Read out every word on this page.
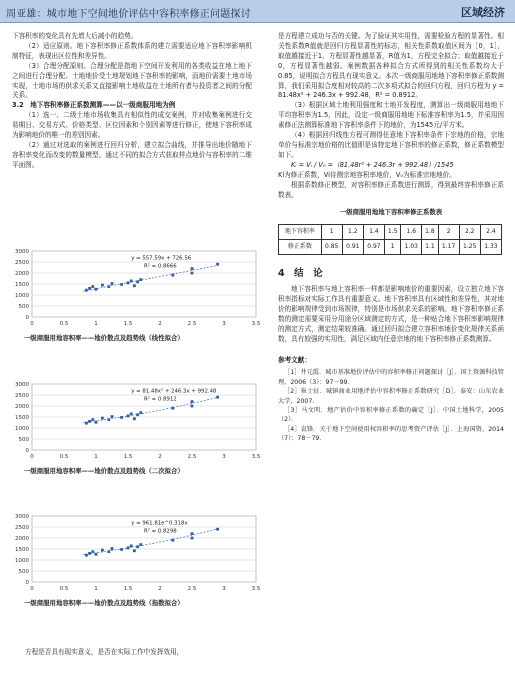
周亚雄：城市地下空间地价评估中容积率修正问题探讨	区域经济

下容积率的变化具有先增大后减小的趋势。

（2）适应原则。地下容积率修正系数体系的建立需要适应地下容积率影响机制特征，表现出区位性和差异性。

（3）合理分配原则。合理分配是指地下空间开发利用的各类收益在地上地下之间进行合理分配。土地地价受土地规划地下容积率的影响，而地价需要土地市场实现，土地市场的供求关系又直接影响土地收益在土地所有者与投资者之间的分配关系。

3.2　地下容积率修正系数测算——以一级商服用地为例

（1）选一、二级土地市场收集具有相似性的成交案例，并对收集案例进行交易期日、交易方式、价格类型、区位因素和个别因素等进行修正，使地下容积率成为影响地价的唯一的差别因素。

（2）通过对选取的案例进行回归分析，建立拟合曲线，并推导出地价随地下容积率变化而改变的数量模型。通过不同的拟合方式获取样点地价与容积率的二维平面图。

0
500
1000
1500
2000
2500
3000
0	0.5	1	1.5	2	2.5	3	3.5
y = 557.59x + 726.56
R² = 0.8666
一级商服用地容积率——地价散点及趋势线（线性拟合）
0
500
1000
1500
2000
2500
3000
0	0.5	1	1.5	2	2.5	3	3.5
y = 81.48x² + 246.3x + 992.48
R² = 0.8912
一级商服用地容积率——地价散点及趋势线（二次拟合）
0
500
1000
1500
2000
2500
3000
0	0.5	1	1.5	2	2.5	3	3.5
y = 961.81e^0.318x
R² = 0.8298
一级商服用地容积率——地价散点及趋势线（指数拟合）

方程是否具有现实意义，是否在实际工作中发挥效用，

是方程建立成功与否的关键。为了验证其实用性，需要检验方程的显著性。相关性系数R值就是回归方程显著性的标志，相关性系数取值区间为［0，1］，取值越接近于1，方程显著性越显著，R值为1，方程完全拟合；取值越接近于0，方程显著性越弱。案例数据各种拟合方式所得到的相关性系数均大于0.85，说明拟合方程具有现实意义。本次一级商服用地地下容积率修正系数测算，我们采用拟合度相对较高的二次多项式拟合的回归方程，回归方程为 y = 81.48x² + 246.3x + 992.48，R² = 0.8912。

（3）根据区域土地利用强度和土地开发程度，测算出一级商服用地地下平均容积率为1.5，因此，设定一级商服用地地下标准容积率为1.5，并采用因素修正法测算标准地下容积率条件下的地价，为1545元/平方米。

（4）根据回归线性方程可测得任意地下容积率条件下宗地的价格，宗地单价与标准宗地价格的比值即是该特定地下容积率的修正系数，修正系数模型如下。

Kᵢ = Vᵢ / V₀ =（81.48r² + 246.3r + 992.48）/1545

Ki为修正系数，Vi待测宗地容积率地价，V₀为标准宗地地价。

根据系数修正模型，对容积率修正系数进行测算，得到最终容积率修正系数表。

一级商服用地地下容积率修正系数表
地下容积率	1	1.2	1.4	1.5	1.6	1.8	2	2.2	2.4
修正系数	0.85	0.91	0.97	1	1.03	1.1	1.17	1.25	1.33
4　结　论

地下容积率与地上容积率一样都是影响地价的重要因素，设立独立地下容积率指标对实际工作具有重要意义。地下容积率具有区域性和差异性，其对地价的影响规律受到市场规律，特别是市场供求关系的影响。地下容积率修正系数的测定需要采用分用途分区域测定的方式，是一种贴合地下容积率影响规律的测定方式，测定结果较准确。通过回归拟合建立容积率地价变化规律关系函数，具有较强的实用性，满足区域内任意宗地的地下容积率修正系数测算。

参考文献：

［1］井元霞．城市基准地价评估中的容积率修正问题探讨［J］．国土资源科技管理，2006（3）：97－99．

［2］崔士征．城镇商业用地评估中容积率修正系数研究［D］．泰安：山东农业大学，2007．

［3］马文明．地产估价中容积率修正系数的确定［J］．中国土地科学，2005（2）．

［4］袁锋．关于地下空间使用权容积率的思考资产评估［J］．上海国资，2014（7）：78－79．
